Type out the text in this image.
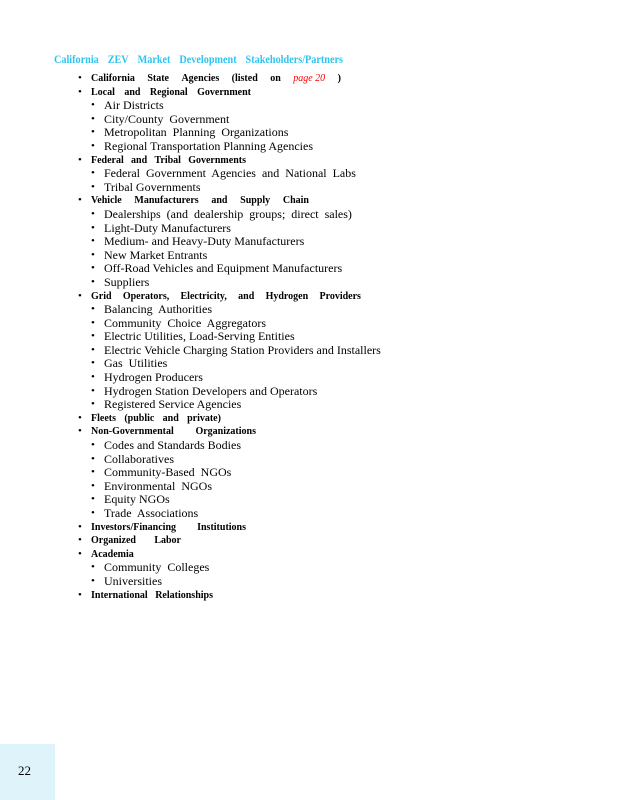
California ZEV Market Development Stakeholders/Partners
• California State Agencies (listed on page 20 )
• Local and Regional Government
• Air Districts
• City/County  Government
• Metropolitan  Planning  Organizations
• Regional Transportation Planning Agencies
• Federal and Tribal Governments
• Federal  Government  Agencies  and  National  Labs
• Tribal Governments
• Vehicle Manufacturers and Supply Chain
• Dealerships  (and  dealership  groups;  direct  sales)
• Light-Duty Manufacturers
• Medium- and Heavy-Duty Manufacturers
• New Market Entrants
• Off-Road Vehicles and Equipment Manufacturers
• Suppliers
• Grid Operators, Electricity, and Hydrogen Providers
• Balancing  Authorities
• Community  Choice  Aggregators
• Electric Utilities, Load-Serving Entities
• Electric Vehicle Charging Station Providers and Installers
• Gas  Utilities
• Hydrogen Producers
• Hydrogen Station Developers and Operators
• Registered Service Agencies
• Fleets (public and private)
• Non-Governmental Organizations
• Codes and Standards Bodies
• Collaboratives
• Community-Based  NGOs
• Environmental  NGOs
• Equity NGOs
• Trade  Associations
• Investors/Financing Institutions
• Organized Labor
• Academia
• Community  Colleges
• Universities
• International Relationships
22
